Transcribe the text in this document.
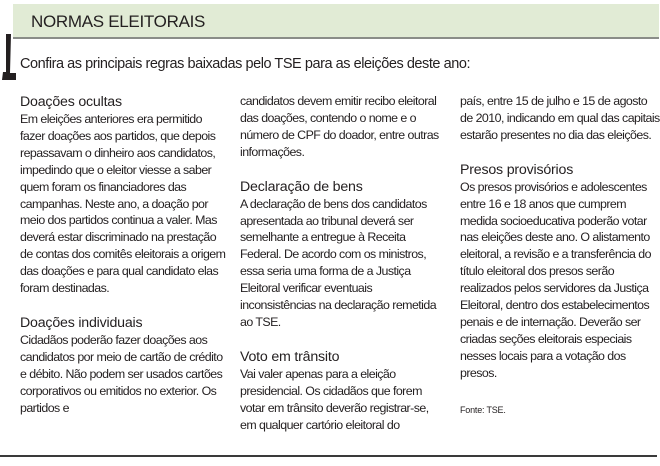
NORMAS ELEITORAIS
Confira as principais regras baixadas pelo TSE para as eleições deste ano:

Doações ocultas

Em eleições anteriores era permitido fazer doações aos partidos, que depois repassavam o dinheiro aos candidatos, impedindo que o eleitor viesse a saber quem foram os financiadores das campanhas. Neste ano, a doação por meio dos partidos continua a valer. Mas deverá estar discriminado na prestação de contas dos comitês eleitorais a origem das doações e para qual candidato elas foram destinadas.

Doações individuais

Cidadãos poderão fazer doações aos candidatos por meio de cartão de crédito e débito. Não podem ser usados cartões corporativos ou emitidos no exterior. Os partidos e

candidatos devem emitir recibo eleitoral das doações, contendo o nome e o número de CPF do doador, entre outras informações.

Declaração de bens

A declaração de bens dos candidatos apresentada ao tribunal deverá ser semelhante a entregue à Receita Federal. De acordo com os ministros, essa seria uma forma de a Justiça Eleitoral verificar eventuais inconsistências na declaração remetida ao TSE.

Voto em trânsito

Vai valer apenas para a eleição presidencial. Os cidadãos que forem votar em trânsito deverão registrar-se, em qualquer cartório eleitoral do

país, entre 15 de julho e 15 de agosto de 2010, indicando em qual das capitais estarão presentes no dia das eleições.

Presos provisórios

Os presos provisórios e adolescentes entre 16 e 18 anos que cumprem medida socioeducativa poderão votar nas eleições deste ano. O alistamento eleitoral, a revisão e a transferência do título eleitoral dos presos serão realizados pelos servidores da Justiça Eleitoral, dentro dos estabelecimentos penais e de internação. Deverão ser criadas seções eleitorais especiais nesses locais para a votação dos presos.

Fonte: TSE.
